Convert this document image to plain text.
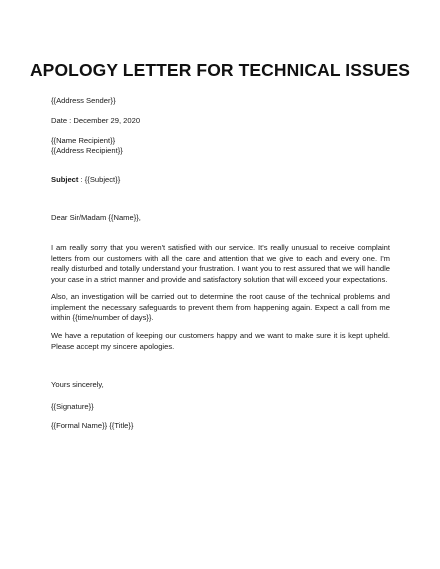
APOLOGY LETTER FOR TECHNICAL ISSUES
{{Address Sender}}
Date : December 29, 2020
{{Name Recipient}}
{{Address Recipient}}
Subject : {{Subject}}
Dear Sir/Madam {{Name}},
I am really sorry that you weren't satisfied with our service. It's really unusual to receive complaint letters from our customers with all the care and attention that we give to each and every one. I'm really disturbed and totally understand your frustration. I want you to rest assured that we will handle your case in a strict manner and provide and satisfactory solution that will exceed your expectations.
Also, an investigation will be carried out to determine the root cause of the technical problems and implement the necessary safeguards to prevent them from happening again. Expect a call from me within {{time/number of days}}.
We have a reputation of keeping our customers happy and we want to make sure it is kept upheld. Please accept my sincere apologies.
Yours sincerely,
{{Signature}}
{{Formal Name}} {{Title}}
